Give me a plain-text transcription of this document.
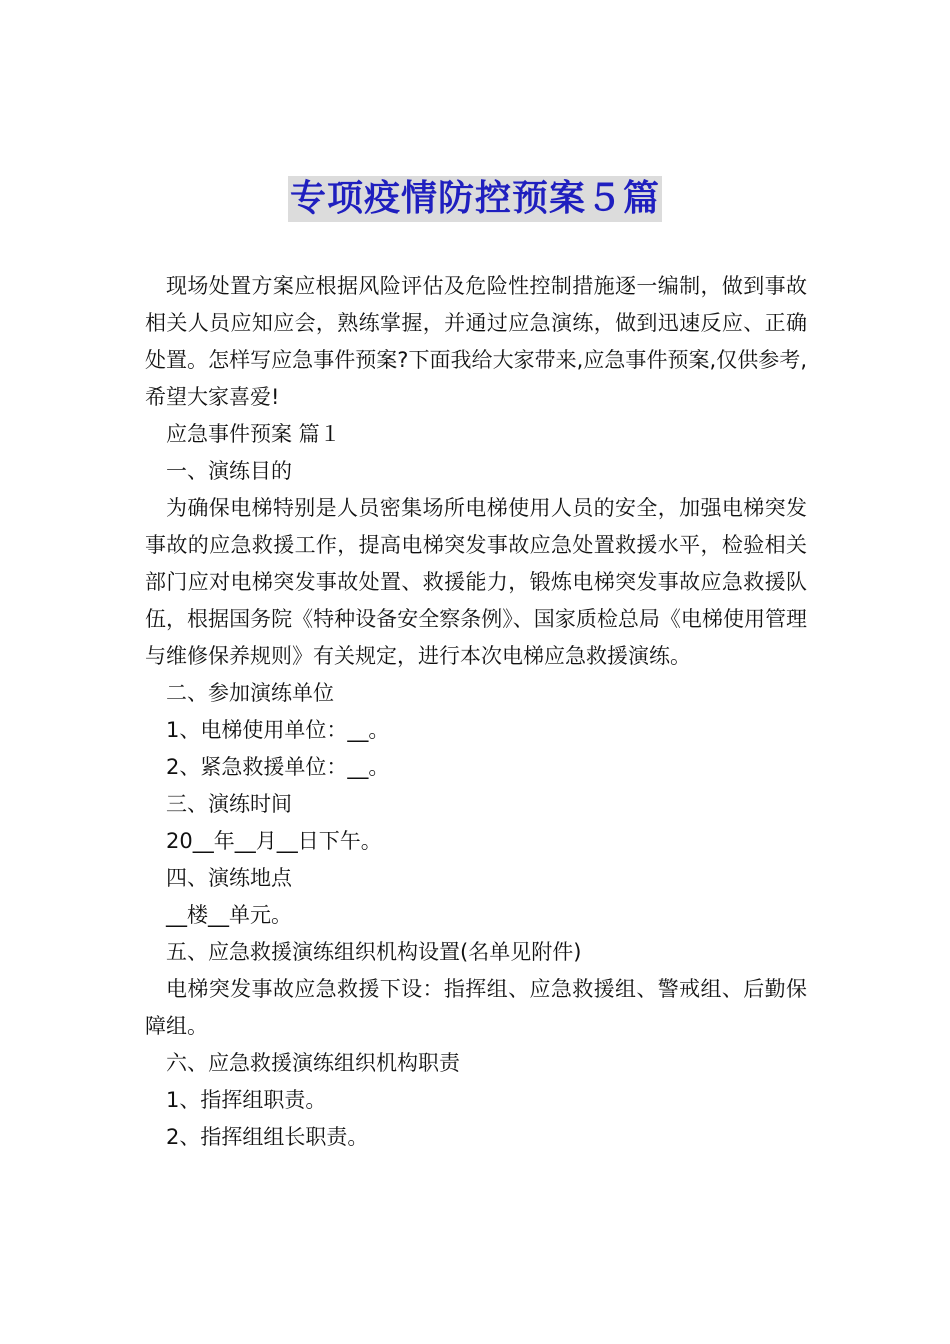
专项疫情防控预案５篇

现场处置方案应根据风险评估及危险性控制措施逐一编制，做到事故相关人员应知应会，熟练掌握，并通过应急演练，做到迅速反应、正确处置。怎样写应急事件预案?下面我给大家带来,应急事件预案,仅供参考,希望大家喜爱!

应急事件预案 篇１

一、演练目的

为确保电梯特别是人员密集场所电梯使用人员的安全，加强电梯突发事故的应急救援工作，提高电梯突发事故应急处置救援水平，检验相关部门应对电梯突发事故处置、救援能力，锻炼电梯突发事故应急救援队伍，根据国务院《特种设备安全察条例》、国家质检总局《电梯使用管理与维修保养规则》有关规定，进行本次电梯应急救援演练。

二、参加演练单位

1、电梯使用单位：__。

2、紧急救援单位：__。

三、演练时间

20__年__月__日下午。

四、演练地点

__楼__单元。

五、应急救援演练组织机构设置(名单见附件)

电梯突发事故应急救援下设：指挥组、应急救援组、警戒组、后勤保障组。

六、应急救援演练组织机构职责

1、指挥组职责。

2、指挥组组长职责。
